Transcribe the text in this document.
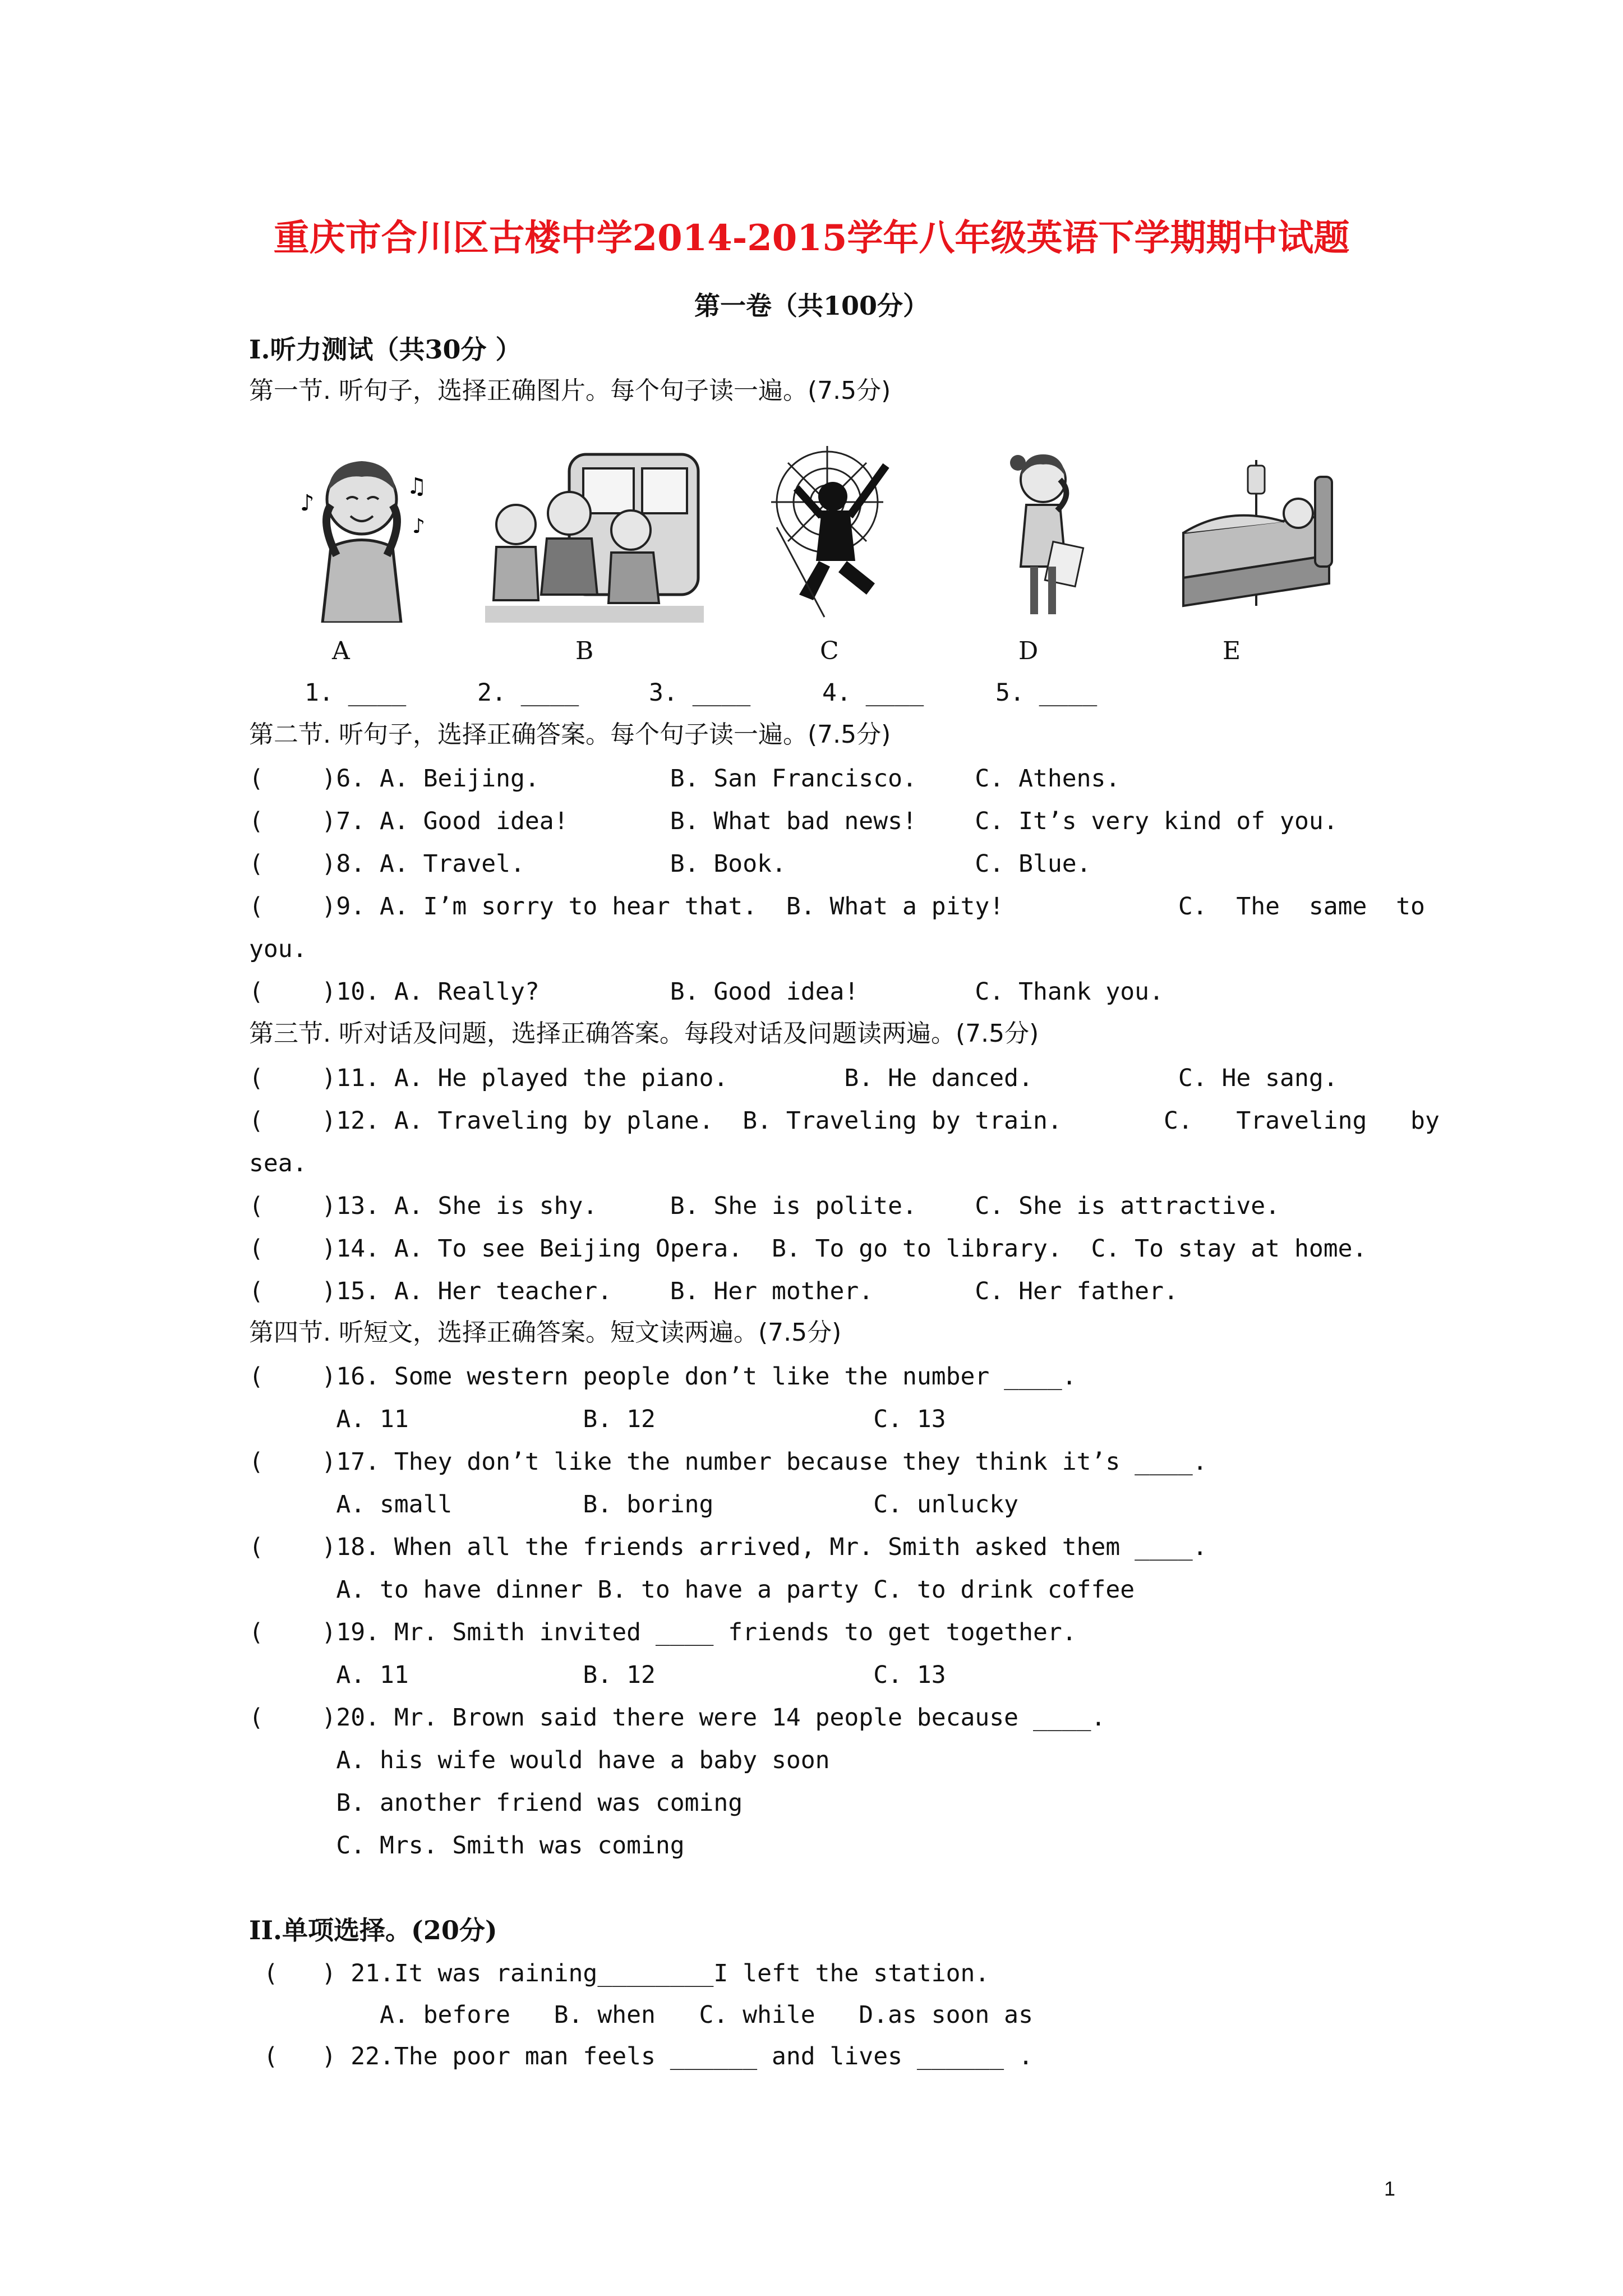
重庆市合川区古楼中学2014-2015学年八年级英语下学期期中试题
第一卷（共100分）
I.听力测试（共30分 ）
第一节. 听句子，选择正确图片。每个句子读一遍。(7.5分)
♪
♫
♪
A	B	C	D	E
1. ____	2. ____	3. ____	4. ____	5. ____
第二节. 听句子，选择正确答案。每个句子读一遍。(7.5分)
(    )6. A. Beijing.         B. San Francisco.    C. Athens.
(    )7. A. Good idea!       B. What bad news!    C. It’s very kind of you.
(    )8. A. Travel.          B. Book.             C. Blue.
(    )9. A. I’m sorry to hear that.  B. What a pity!            C.  The  same  to
you.
(    )10. A. Really?         B. Good idea!        C. Thank you.
第三节. 听对话及问题，选择正确答案。每段对话及问题读两遍。(7.5分)
(    )11. A. He played the piano.        B. He danced.          C. He sang.
(    )12. A. Traveling by plane.  B. Traveling by train.       C.   Traveling   by
sea.
(    )13. A. She is shy.     B. She is polite.    C. She is attractive.
(    )14. A. To see Beijing Opera.  B. To go to library.  C. To stay at home.
(    )15. A. Her teacher.    B. Her mother.       C. Her father.
第四节. 听短文，选择正确答案。短文读两遍。(7.5分)
(    )16. Some western people don’t like the number ____.
A. 11            B. 12               C. 13
(    )17. They don’t like the number because they think it’s ____.
A. small         B. boring           C. unlucky
(    )18. When all the friends arrived, Mr. Smith asked them ____.
A. to have dinner B. to have a party C. to drink coffee
(    )19. Mr. Smith invited ____ friends to get together.
A. 11            B. 12               C. 13
(    )20. Mr. Brown said there were 14 people because ____.
A. his wife would have a baby soon
B. another friend was coming
C. Mrs. Smith was coming
II.单项选择。(20分)
(   ) 21.It was raining________I left the station.
A. before   B. when   C. while   D.as soon as
(   ) 22.The poor man feels ______ and lives ______ .
1
